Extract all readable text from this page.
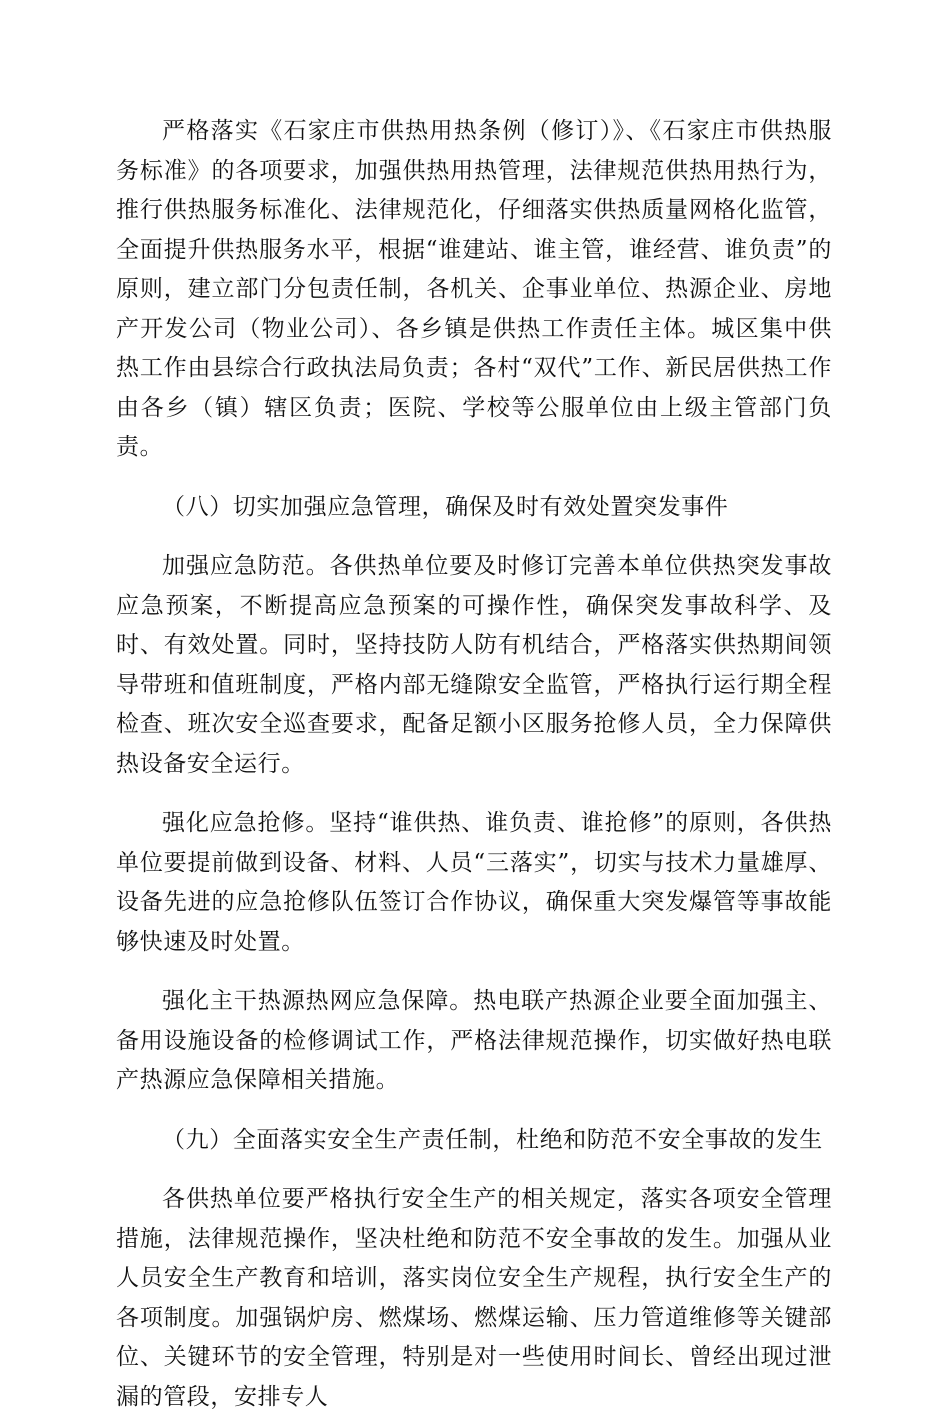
严格落实《石家庄市供热用热条例（修订）》、《石家庄市供热服务标准》的各项要求，加强供热用热管理，法律规范供热用热行为，推行供热服务标准化、法律规范化，仔细落实供热质量网格化监管，全面提升供热服务水平，根据“谁建站、谁主管，谁经营、谁负责”的原则，建立部门分包责任制，各机关、企事业单位、热源企业、房地产开发公司（物业公司）、各乡镇是供热工作责任主体。城区集中供热工作由县综合行政执法局负责；各村“双代”工作、新民居供热工作由各乡（镇）辖区负责；医院、学校等公服单位由上级主管部门负责。

（八）切实加强应急管理，确保及时有效处置突发事件

加强应急防范。各供热单位要及时修订完善本单位供热突发事故应急预案，不断提高应急预案的可操作性，确保突发事故科学、及时、有效处置。同时，坚持技防人防有机结合，严格落实供热期间领导带班和值班制度，严格内部无缝隙安全监管，严格执行运行期全程检查、班次安全巡查要求，配备足额小区服务抢修人员，全力保障供热设备安全运行。

强化应急抢修。坚持“谁供热、谁负责、谁抢修”的原则，各供热单位要提前做到设备、材料、人员“三落实”，切实与技术力量雄厚、设备先进的应急抢修队伍签订合作协议，确保重大突发爆管等事故能够快速及时处置。

强化主干热源热网应急保障。热电联产热源企业要全面加强主、备用设施设备的检修调试工作，严格法律规范操作，切实做好热电联产热源应急保障相关措施。

（九）全面落实安全生产责任制，杜绝和防范不安全事故的发生

各供热单位要严格执行安全生产的相关规定，落实各项安全管理措施，法律规范操作，坚决杜绝和防范不安全事故的发生。加强从业人员安全生产教育和培训，落实岗位安全生产规程，执行安全生产的各项制度。加强锅炉房、燃煤场、燃煤运输、压力管道维修等关键部位、关键环节的安全管理，特别是对一些使用时间长、曾经出现过泄漏的管段，安排专人
